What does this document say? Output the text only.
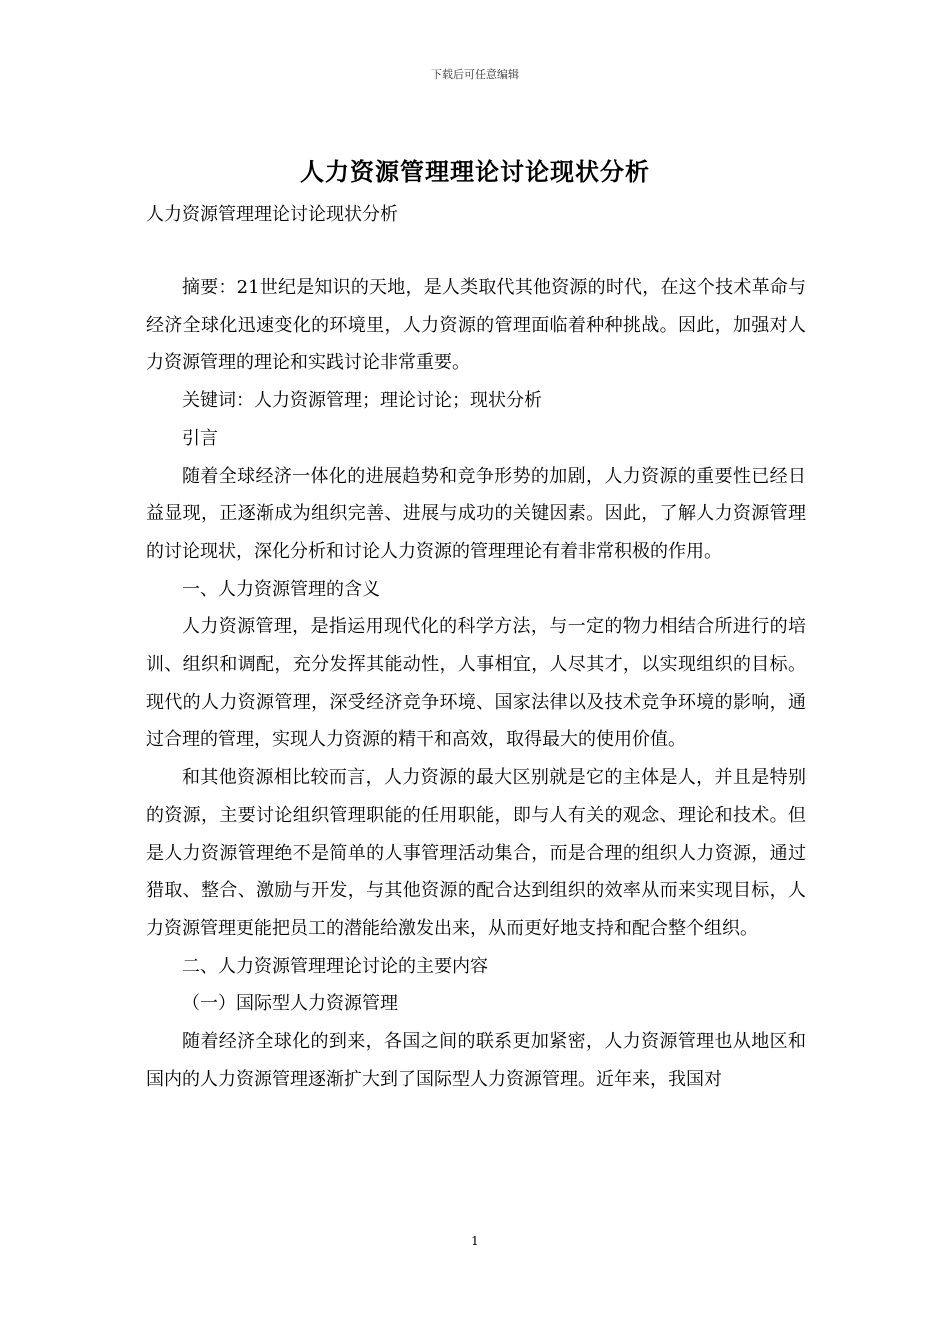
下载后可任意编辑
人力资源管理理论讨论现状分析
人力资源管理理论讨论现状分析

摘要：21世纪是知识的天地，是人类取代其他资源的时代，在这个技术革命与经济全球化迅速变化的环境里，人力资源的管理面临着种种挑战。因此，加强对人力资源管理的理论和实践讨论非常重要。

关键词：人力资源管理；理论讨论；现状分析

引言

随着全球经济一体化的进展趋势和竞争形势的加剧，人力资源的重要性已经日益显现，正逐渐成为组织完善、进展与成功的关键因素。因此，了解人力资源管理的讨论现状，深化分析和讨论人力资源的管理理论有着非常积极的作用。

一、人力资源管理的含义

人力资源管理，是指运用现代化的科学方法，与一定的物力相结合所进行的培训、组织和调配，充分发挥其能动性，人事相宜，人尽其才，以实现组织的目标。现代的人力资源管理，深受经济竞争环境、国家法律以及技术竞争环境的影响，通过合理的管理，实现人力资源的精干和高效，取得最大的使用价值。

和其他资源相比较而言，人力资源的最大区别就是它的主体是人，并且是特别的资源，主要讨论组织管理职能的任用职能，即与人有关的观念、理论和技术。但是人力资源管理绝不是简单的人事管理活动集合，而是合理的组织人力资源，通过猎取、整合、激励与开发，与其他资源的配合达到组织的效率从而来实现目标，人力资源管理更能把员工的潜能给激发出来，从而更好地支持和配合整个组织。

二、人力资源管理理论讨论的主要内容

（一）国际型人力资源管理

随着经济全球化的到来，各国之间的联系更加紧密，人力资源管理也从地区和国内的人力资源管理逐渐扩大到了国际型人力资源管理。近年来，我国对

1
